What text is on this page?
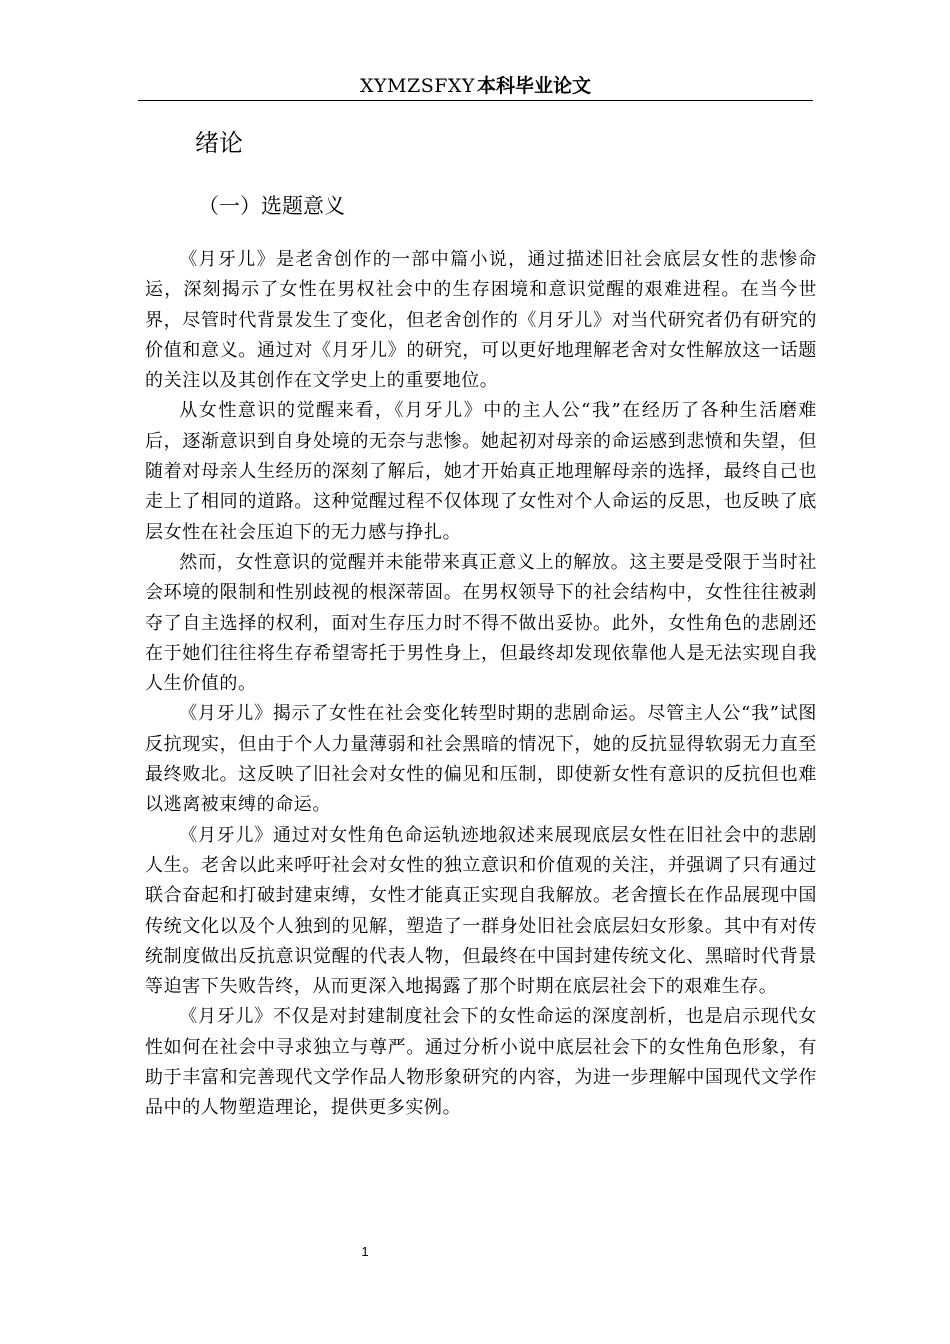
XYMZSFXY 本科毕业论文
绪论
（一）选题意义

《月牙儿》是老舍创作的一部中篇小说，通过描述旧社会底层女性的悲惨命运，深刻揭示了女性在男权社会中的生存困境和意识觉醒的艰难进程。在当今世界，尽管时代背景发生了变化，但老舍创作的《月牙儿》对当代研究者仍有研究的价值和意义。通过对《月牙儿》的研究，可以更好地理解老舍对女性解放这一话题的关注以及其创作在文学史上的重要地位。

从女性意识的觉醒来看，《月牙儿》中的主人公“我”在经历了各种生活磨难后，逐渐意识到自身处境的无奈与悲惨。她起初对母亲的命运感到悲愤和失望，但随着对母亲人生经历的深刻了解后，她才开始真正地理解母亲的选择，最终自己也走上了相同的道路。这种觉醒过程不仅体现了女性对个人命运的反思，也反映了底层女性在社会压迫下的无力感与挣扎。

然而，女性意识的觉醒并未能带来真正意义上的解放。这主要是受限于当时社会环境的限制和性别歧视的根深蒂固。在男权领导下的社会结构中，女性往往被剥夺了自主选择的权利，面对生存压力时不得不做出妥协。此外，女性角色的悲剧还在于她们往往将生存希望寄托于男性身上，但最终却发现依靠他人是无法实现自我人生价值的。

《月牙儿》揭示了女性在社会变化转型时期的悲剧命运。尽管主人公“我”试图反抗现实，但由于个人力量薄弱和社会黑暗的情况下，她的反抗显得软弱无力直至最终败北。这反映了旧社会对女性的偏见和压制，即使新女性有意识的反抗但也难以逃离被束缚的命运。

《月牙儿》通过对女性角色命运轨迹地叙述来展现底层女性在旧社会中的悲剧人生。老舍以此来呼吁社会对女性的独立意识和价值观的关注，并强调了只有通过联合奋起和打破封建束缚，女性才能真正实现自我解放。老舍擅长在作品展现中国传统文化以及个人独到的见解，塑造了一群身处旧社会底层妇女形象。其中有对传统制度做出反抗意识觉醒的代表人物，但最终在中国封建传统文化、黑暗时代背景等迫害下失败告终，从而更深入地揭露了那个时期在底层社会下的艰难生存。

《月牙儿》不仅是对封建制度社会下的女性命运的深度剖析，也是启示现代女性如何在社会中寻求独立与尊严。通过分析小说中底层社会下的女性角色形象，有助于丰富和完善现代文学作品人物形象研究的内容，为进一步理解中国现代文学作品中的人物塑造理论，提供更多实例。

1
